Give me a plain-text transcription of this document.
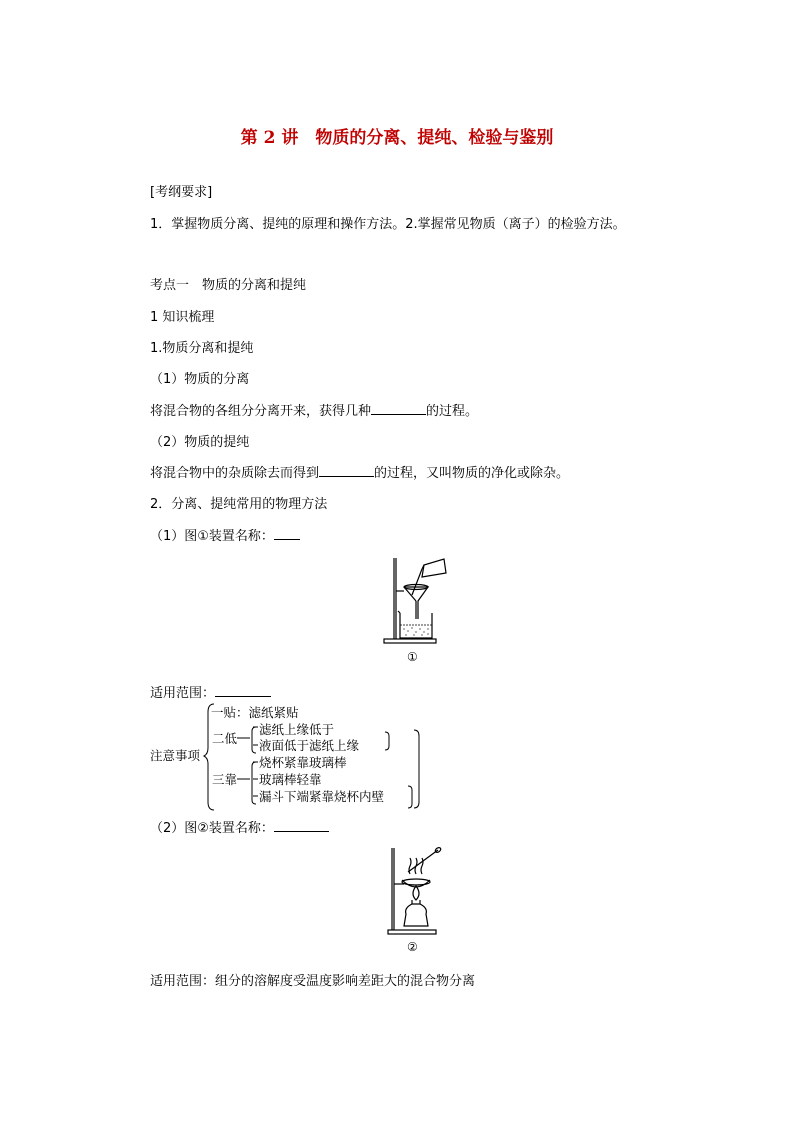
第 2 讲　物质的分离、提纯、检验与鉴别
[考纲要求]
1．掌握物质分离、提纯的原理和操作方法。2.掌握常见物质（离子）的检验方法。
考点一　物质的分离和提纯
1 知识梳理
1.物质分离和提纯
（1）物质的分离
将混合物的各组分分离开来，获得几种	的过程。
（2）物质的提纯
将混合物中的杂质除去而得到	的过程，又叫物质的净化或除杂。
2．分离、提纯常用的物理方法
（1）图①装置名称：
①
适用范围：
一贴：滤纸紧贴
注意事项
二低
滤纸上缘低于
液面低于滤纸上缘
烧杯紧靠玻璃棒
三靠 玻璃棒轻靠
漏斗下端紧靠烧杯内壁
（2）图②装置名称：
②
适用范围：组分的溶解度受温度影响差距大的混合物分离
